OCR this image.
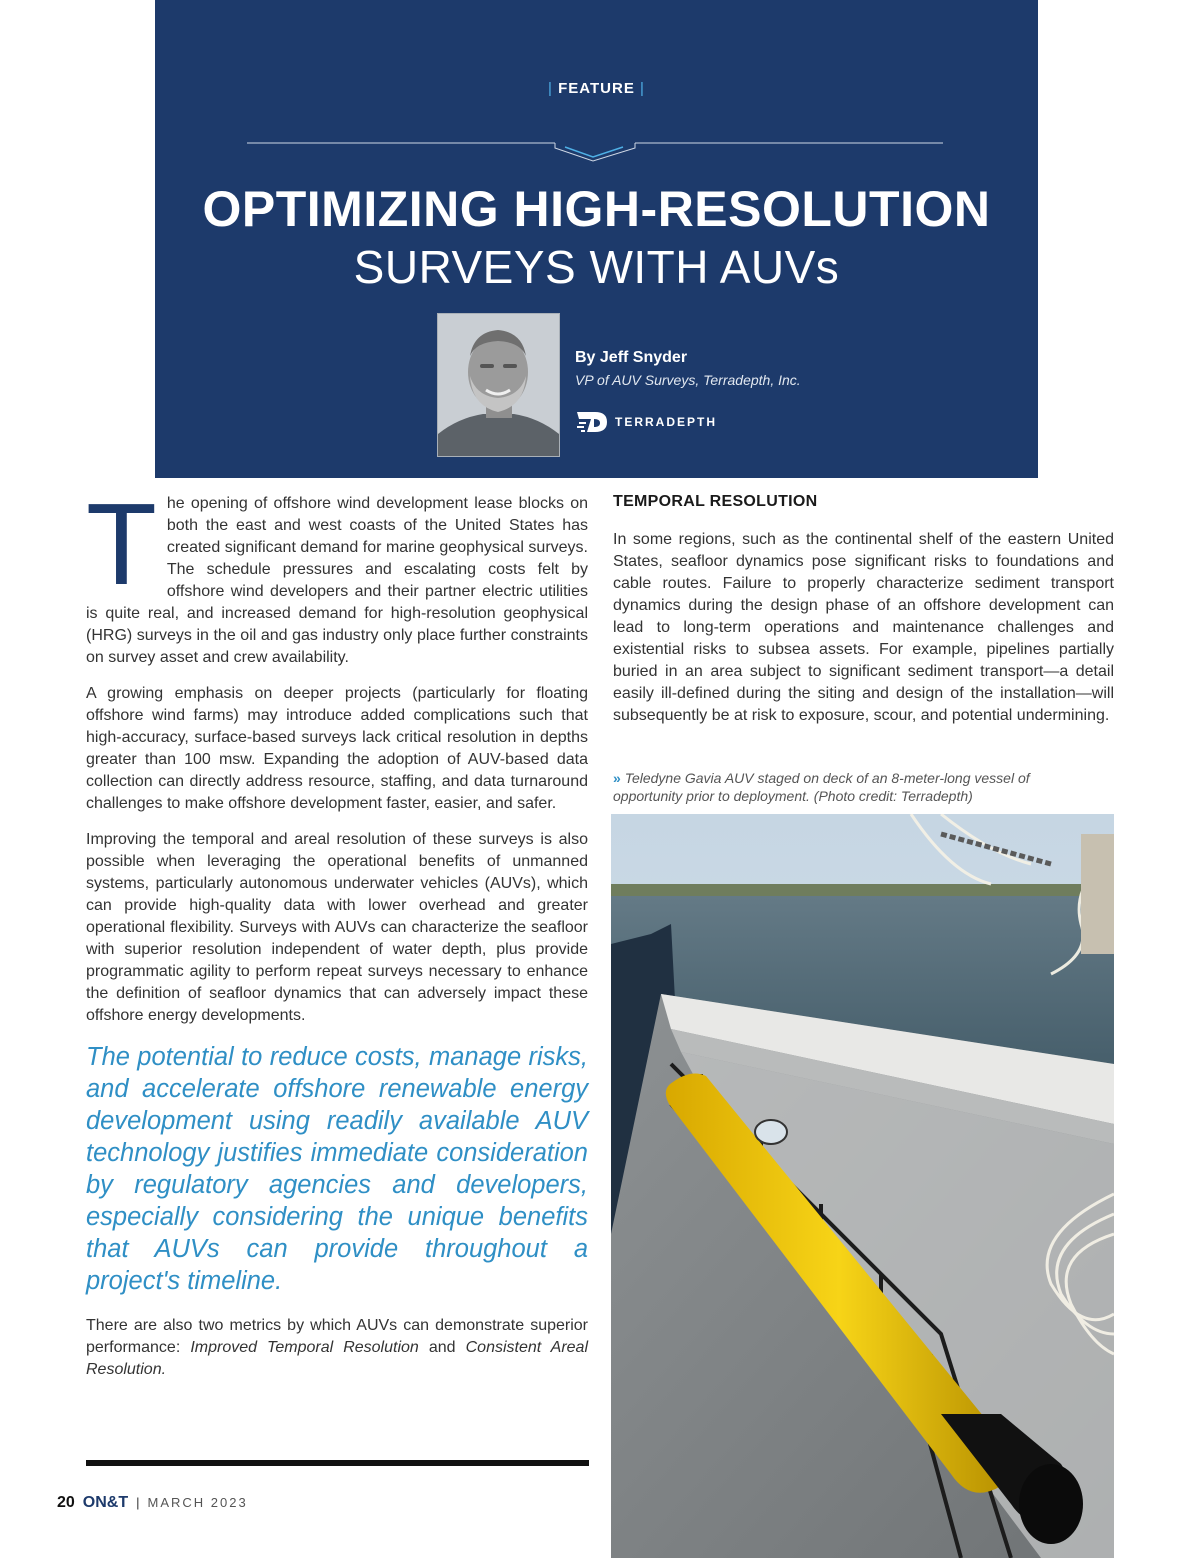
| FEATURE |
OPTIMIZING HIGH-RESOLUTION
SURVEYS WITH AUVs
By Jeff Snyder
VP of AUV Surveys, Terradepth, Inc.
TERRADEPTH

The opening of offshore wind development lease blocks on both the east and west coasts of the United States has created significant demand for marine geophysical surveys. The schedule pressures and escalating costs felt by offshore wind developers and their partner electric utilities is quite real, and increased demand for high-resolution geophysical (HRG) surveys in the oil and gas industry only place further constraints on survey asset and crew availability.

A growing emphasis on deeper projects (particularly for floating offshore wind farms) may introduce added complications such that high-accuracy, surface-based surveys lack critical resolution in depths greater than 100 msw. Expanding the adoption of AUV-based data collection can directly address resource, staffing, and data turnaround challenges to make offshore development faster, easier, and safer.

Improving the temporal and areal resolution of these surveys is also possible when leveraging the operational benefits of unmanned systems, particularly autonomous underwater vehicles (AUVs), which can provide high-quality data with lower overhead and greater operational flexibility. Surveys with AUVs can characterize the seafloor with superior resolution independent of water depth, plus provide programmatic agility to perform repeat surveys necessary to enhance the definition of seafloor dynamics that can adversely impact these offshore energy developments.

The potential to reduce costs, manage risks, and accelerate offshore renewable energy development using readily available AUV technology justifies immediate consideration by regulatory agencies and developers, especially considering the unique benefits that AUVs can provide throughout a project's timeline.

There are also two metrics by which AUVs can demonstrate superior performance: Improved Temporal Resolution and Consistent Areal Resolution.

TEMPORAL RESOLUTION

In some regions, such as the continental shelf of the eastern United States, seafloor dynamics pose significant risks to foundations and cable routes. Failure to properly characterize sediment transport dynamics during the design phase of an offshore development can lead to long-term operations and maintenance challenges and existential risks to subsea assets. For example, pipelines partially buried in an area subject to significant sediment transport—a detail easily ill-defined during the siting and design of the installation—will subsequently be at risk to exposure, scour, and potential undermining.

» Teledyne Gavia AUV staged on deck of an 8-meter-long vessel of opportunity prior to deployment. (Photo credit: Terradepth)
20 ON&T | MARCH 2023
